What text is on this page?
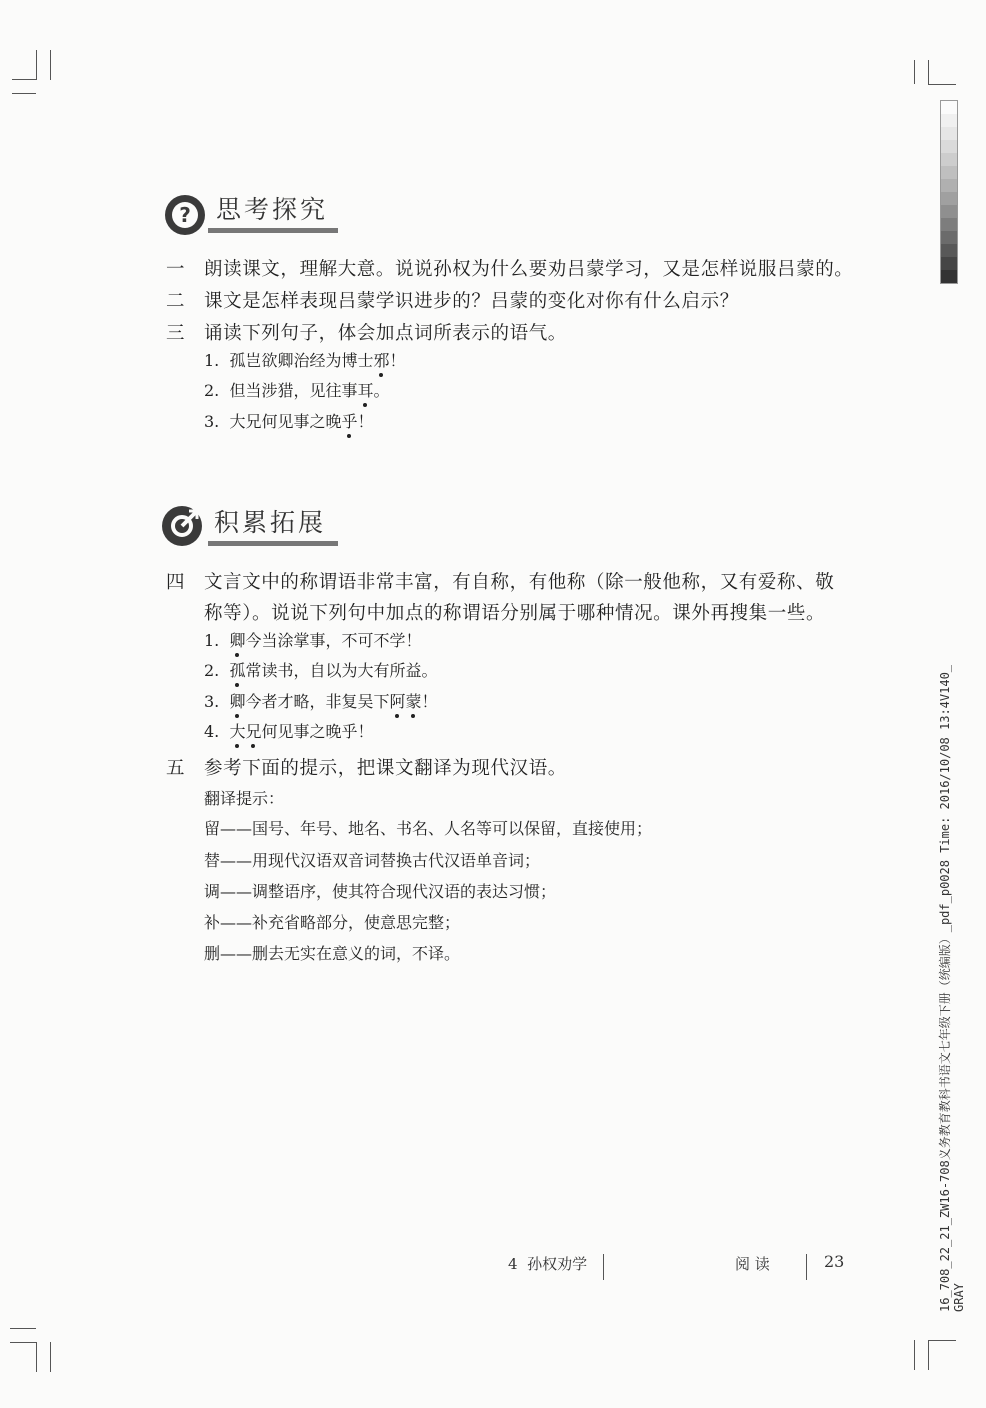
? 思考探究
一 朗读课文，理解大意。说说孙权为什么要劝吕蒙学习，又是怎样说服吕蒙的。
二 课文是怎样表现吕蒙学识进步的？吕蒙的变化对你有什么启示？
三 诵读下列句子，体会加点词所表示的语气。
1. 孤岂欲卿治经为博士邪！
2. 但当涉猎，见往事耳。
3. 大兄何见事之晚乎！
积累拓展
四 文言文中的称谓语非常丰富，有自称，有他称（除一般他称，又有爱称、敬
称等）。说说下列句中加点的称谓语分别属于哪种情况。课外再搜集一些。
1. 卿今当涂掌事，不可不学！
2. 孤常读书，自以为大有所益。
3. 卿今者才略，非复吴下阿蒙！
4. 大兄何见事之晚乎！
五 参考下面的提示，把课文翻译为现代汉语。
翻译提示：
留——国号、年号、地名、书名、人名等可以保留，直接使用；
替——用现代汉语双音词替换古代汉语单音词；
调——调整语序，使其符合现代汉语的表达习惯；
补——补充省略部分，使意思完整；
删——删去无实在意义的词，不译。
4 孙权劝学	阅 读	23	16_708_22_21_ZW16-708义务教育教科书语文七年级下册（统编版）_pdf_p0028 Time: 2016/10/08 13:4V140_ GRAY
